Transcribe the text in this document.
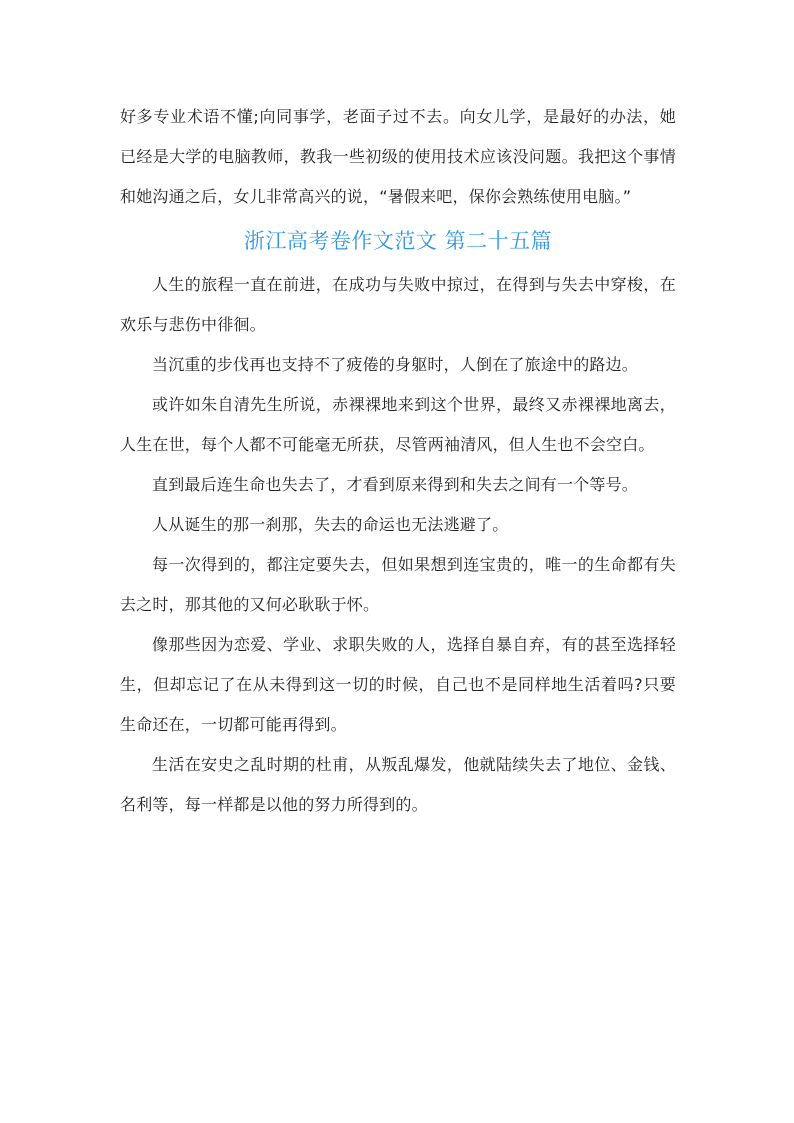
好多专业术语不懂;向同事学，老面子过不去。向女儿学，是最好的办法，她已经是大学的电脑教师，教我一些初级的使用技术应该没问题。我把这个事情和她沟通之后，女儿非常高兴的说，“暑假来吧，保你会熟练使用电脑。”

浙江高考卷作文范文 第二十五篇

人生的旅程一直在前进，在成功与失败中掠过，在得到与失去中穿梭，在欢乐与悲伤中徘徊。

当沉重的步伐再也支持不了疲倦的身躯时，人倒在了旅途中的路边。

或许如朱自清先生所说，赤裸裸地来到这个世界，最终又赤裸裸地离去，人生在世，每个人都不可能毫无所获，尽管两袖清风，但人生也不会空白。

直到最后连生命也失去了，才看到原来得到和失去之间有一个等号。

人从诞生的那一刹那，失去的命运也无法逃避了。

每一次得到的，都注定要失去，但如果想到连宝贵的，唯一的生命都有失去之时，那其他的又何必耿耿于怀。

像那些因为恋爱、学业、求职失败的人，选择自暴自弃，有的甚至选择轻生，但却忘记了在从未得到这一切的时候，自己也不是同样地生活着吗?只要生命还在，一切都可能再得到。

生活在安史之乱时期的杜甫，从叛乱爆发，他就陆续失去了地位、金钱、名利等，每一样都是以他的努力所得到的。
